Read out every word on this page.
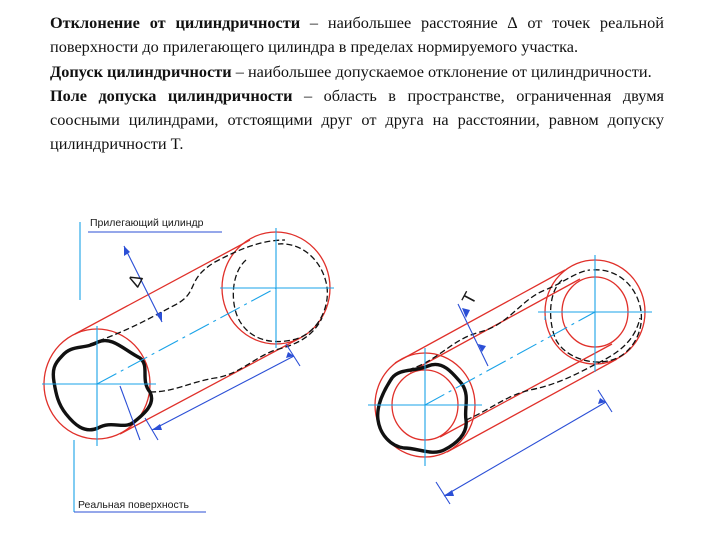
Отклонение от цилиндричности – наибольшее расстояние ∆ от точек реальной поверхности до прилегающего цилиндра в пределах нормируемого участка.

Допуск цилиндричности – наибольшее допускаемое отклонение от цилиндричности.

Поле допуска цилиндричности – область в пространстве, ограниченная двумя соосными цилиндрами, отстоящими друг от друга на расстоянии, равном допуску цилиндричности T.

Прилегающий цилиндр
Реальная поверхность
∆
T
